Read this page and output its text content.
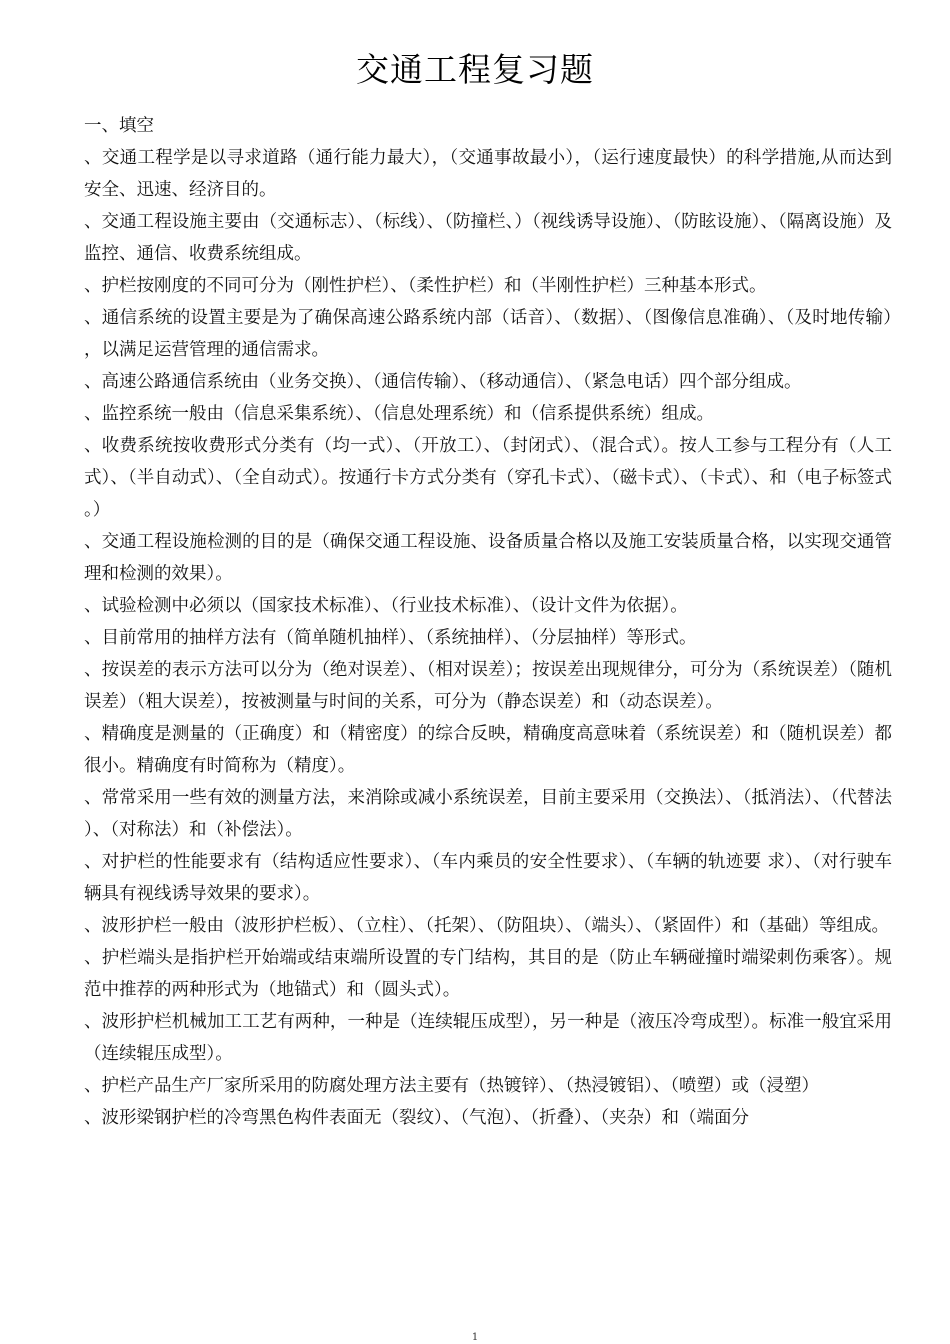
交通工程复习题

一、填空

、交通工程学是以寻求道路（通行能力最大），（交通事故最小），（运行速度最快）的科学措施,从而达到安全、迅速、经济目的。

、交通工程设施主要由（交通标志）、（标线）、（防撞栏、）（视线诱导设施）、（防眩设施）、（隔离设施）及监控、通信、收费系统组成。

、护栏按刚度的不同可分为（刚性护栏）、（柔性护栏）和（半刚性护栏）三种基本形式。

、通信系统的设置主要是为了确保高速公路系统内部（话音）、（数据）、（图像信息准确）、（及时地传输），以满足运营管理的通信需求。

、高速公路通信系统由（业务交换）、（通信传输）、（移动通信）、（紧急电话）四个部分组成。

、监控系统一般由（信息采集系统）、（信息处理系统）和（信系提供系统）组成。

、收费系统按收费形式分类有（均一式）、（开放工）、（封闭式）、（混合式）。按人工参与工程分有（人工式）、（半自动式）、（全自动式）。按通行卡方式分类有（穿孔卡式）、（磁卡式）、（卡式）、和（电子标签式。）

、交通工程设施检测的目的是（确保交通工程设施、设备质量合格以及施工安装质量合格，以实现交通管理和检测的效果）。

、试验检测中必须以（国家技术标准）、（行业技术标准）、（设计文件为依据）。

、目前常用的抽样方法有（简单随机抽样）、（系统抽样）、（分层抽样）等形式。

、按误差的表示方法可以分为（绝对误差）、（相对误差）；按误差出现规律分，可分为（系统误差）（随机误差）（粗大误差），按被测量与时间的关系，可分为（静态误差）和（动态误差）。

、精确度是测量的（正确度）和（精密度）的综合反映，精确度高意味着（系统误差）和（随机误差）都很小。精确度有时简称为（精度）。

、常常采用一些有效的测量方法，来消除或减小系统误差，目前主要采用（交换法）、（抵消法）、（代替法）、（对称法）和（补偿法）。

、对护栏的性能要求有（结构适应性要求）、（车内乘员的安全性要求）、（车辆的轨迹要 求）、（对行驶车辆具有视线诱导效果的要求）。

、波形护栏一般由（波形护栏板）、（立柱）、（托架）、（防阻块）、（端头）、（紧固件）和（基础）等组成。

、护栏端头是指护栏开始端或结束端所设置的专门结构，其目的是（防止车辆碰撞时端梁刺伤乘客）。规范中推荐的两种形式为（地锚式）和（圆头式）。

、波形护栏机械加工工艺有两种，一种是（连续辊压成型），另一种是（液压冷弯成型）。标准一般宜采用（连续辊压成型）。

、护栏产品生产厂家所采用的防腐处理方法主要有（热镀锌）、（热浸镀铝）、（喷塑）或（浸塑）

、波形梁钢护栏的冷弯黑色构件表面无（裂纹）、（气泡）、（折叠）、（夹杂）和（端面分

1
